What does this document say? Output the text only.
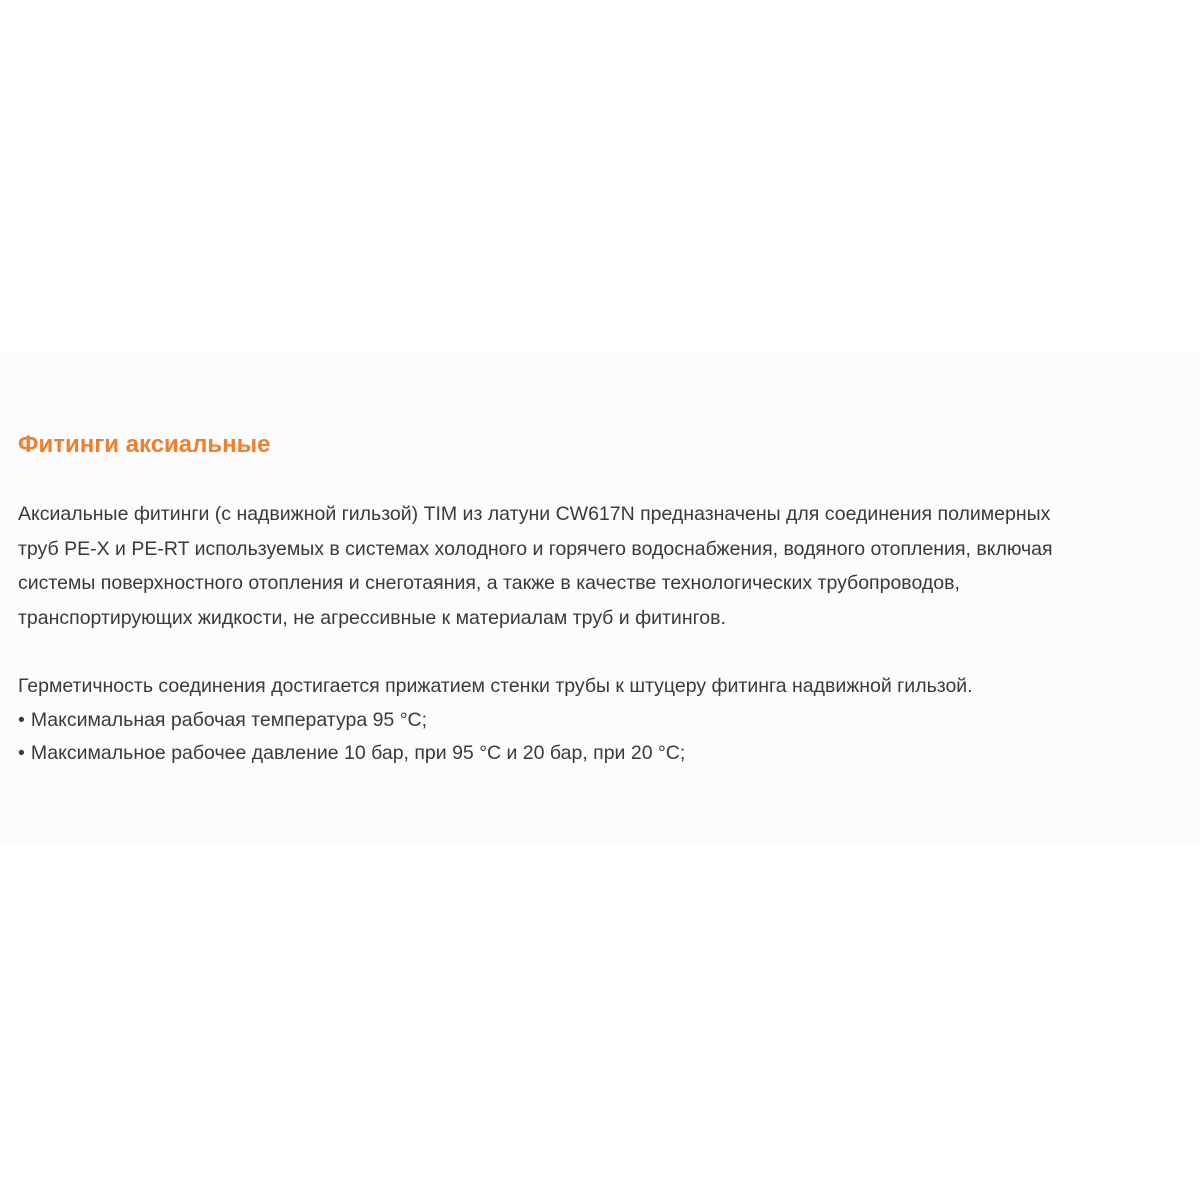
Фитинги аксиальные
Аксиальные фитинги (с надвижной гильзой) TIM из латуни CW617N предназначены для соединения полимерных
труб PE-X и PE-RT используемых в системах холодного и горячего водоснабжения, водяного отопления, включая
системы поверхностного отопления и снеготаяния, а также в качестве технологических трубопроводов,
транспортирующих жидкости, не агрессивные к материалам труб и фитингов.

Герметичность соединения достигается прижатием стенки трубы к штуцеру фитинга надвижной гильзой.

• Максимальная рабочая температура 95 °C;
• Максимальное рабочее давление 10 бар, при 95 °C и 20 бар, при 20 °C;
